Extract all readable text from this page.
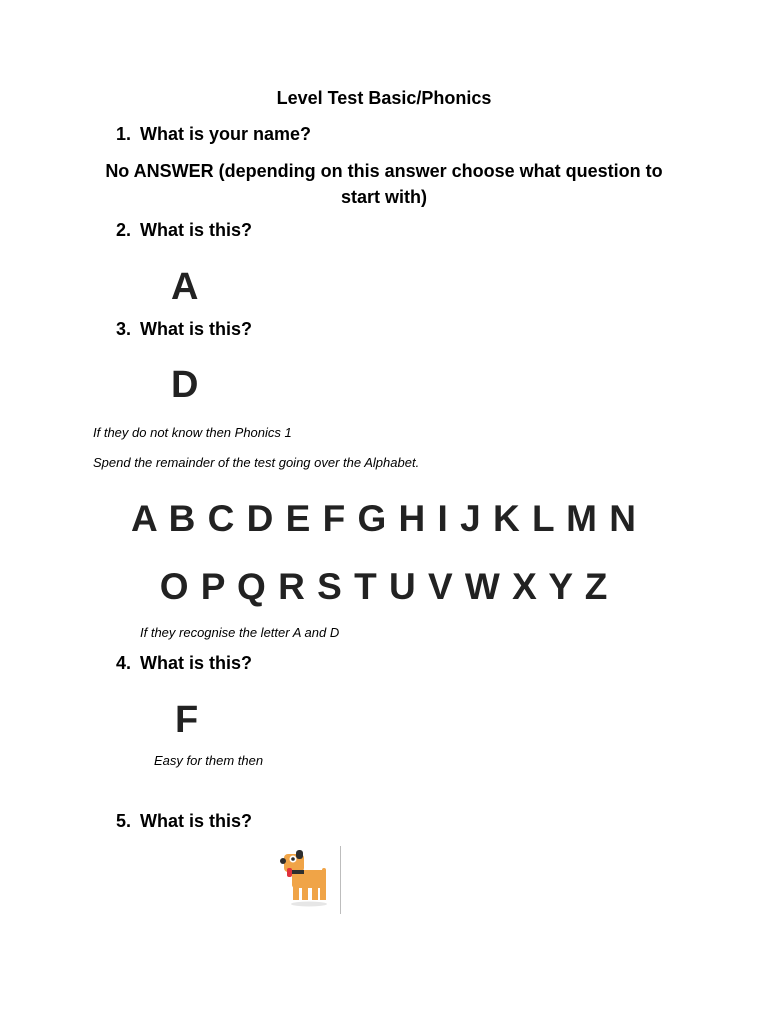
Level Test Basic/Phonics
1. What is your name?
No ANSWER (depending on this answer choose what question to start with)
2. What is this?
A
3. What is this?
D
If they do not know then Phonics 1
Spend the remainder of the test going over the Alphabet.
A B C D E F G H I J K L M N
O P Q R S T U V W X Y Z
If they recognise the letter A and D
4. What is this?
F
Easy for them then
5. What is this?
